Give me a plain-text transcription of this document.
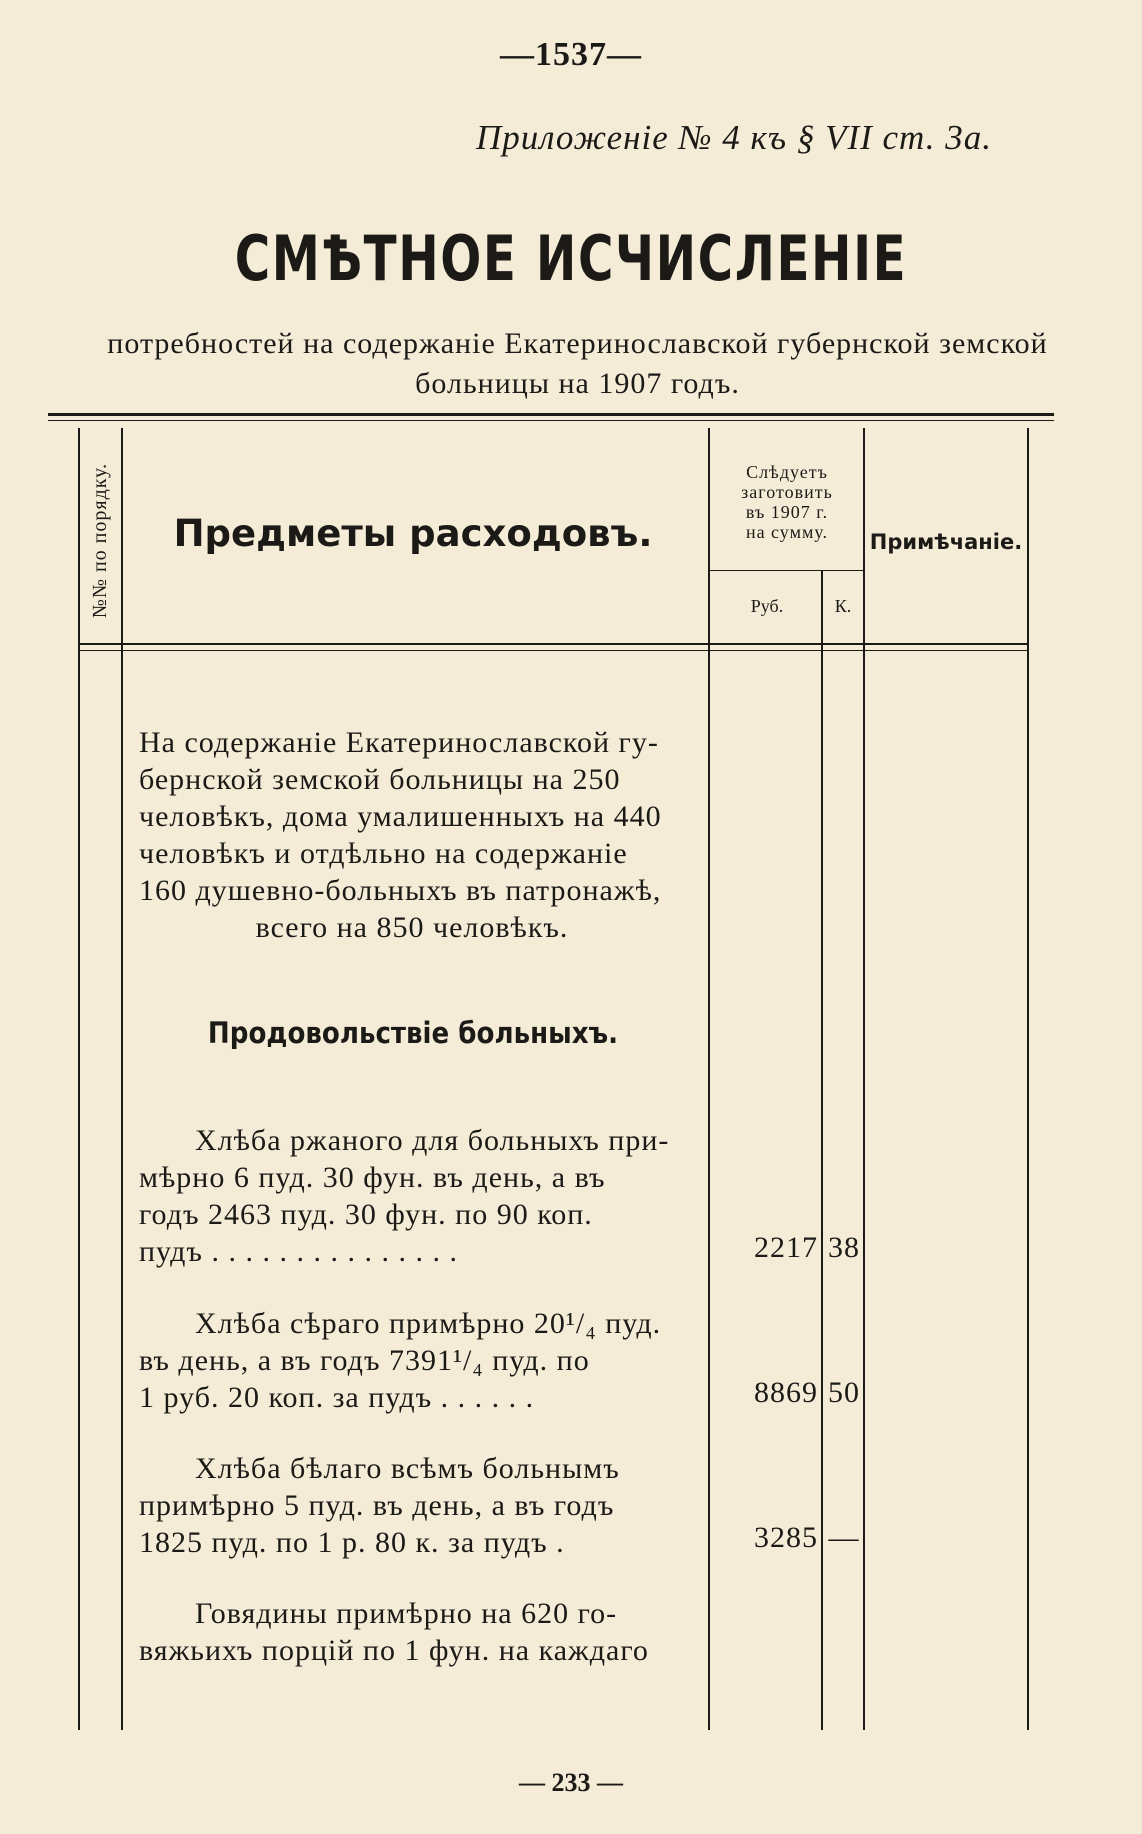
—1537—
Приложеніе № 4 къ § VII ст. 3а.
СМѢТНОЕ ИСЧИСЛЕНІЕ
потребностей на содержаніе Екатеринославской губернской земской
больницы на 1907 годъ.
№№ по порядку.	Предметы расходовъ.
Слѣдуетъ
заготовить
въ 1907 г.
на сумму.
Руб.	К.
Примѣчаніе.
На содержаніе Екатеринославской гу-
бернской земской больницы на 250
человѣкъ, дома умалишенныхъ на 440
человѣкъ и отдѣльно на содержаніе
160 душевно-больныхъ въ патронажѣ,
всего на 850 человѣкъ.
Продовольствіе больныхъ.
Хлѣба ржаного для больныхъ при-
мѣрно 6 пуд. 30 фун. въ день, а въ
годъ 2463 пуд. 30 фун. по 90 коп.
пудъ . . . . . . . . . . . . . . .	2217 38
Хлѣба сѣраго примѣрно 20¹/₄ пуд.
въ день, а въ годъ 7391¹/₄ пуд. по
1 руб. 20 коп. за пудъ . . . . . .	8869 50
Хлѣба бѣлаго всѣмъ больнымъ
примѣрно 5 пуд. въ день, а въ годъ
1825 пуд. по 1 р. 80 к. за пудъ .	3285 —
Говядины примѣрно на 620 го-
вяжьихъ порцій по 1 фун. на каждаго
— 233 —
